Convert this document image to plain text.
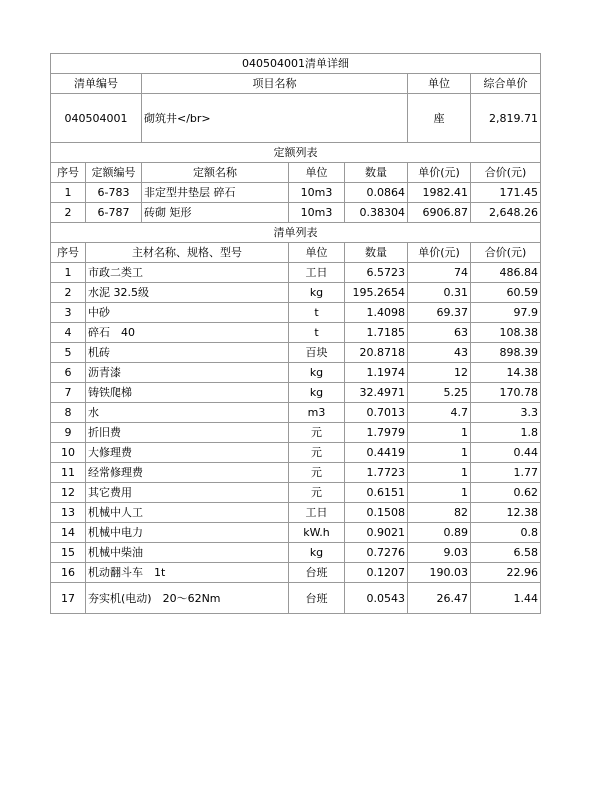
040504001清单详细						
清单编号		项目名称			单位	综合单价
040504001		砌筑井</br>			座	2,819.71
定额列表						
序号	定额编号	定额名称	单位	数量	单价(元)	合价(元)
1	6-783	非定型井垫层 碎石	10m3	0.0864	1982.41	171.45
2	6-787	砖砌 矩形	10m3	0.38304	6906.87	2,648.26
清单列表						
序号	主材名称、规格、型号		单位	数量	单价(元)	合价(元)
1	市政二类工		工日	6.5723	74	486.84
2	水泥 32.5级		kg	195.2654	0.31	60.59
3	中砂		t	1.4098	69.37	97.9
4	碎石　40		t	1.7185	63	108.38
5	机砖		百块	20.8718	43	898.39
6	沥青漆		kg	1.1974	12	14.38
7	铸铁爬梯		kg	32.4971	5.25	170.78
8	水		m3	0.7013	4.7	3.3
9	折旧费		元	1.7979	1	1.8
10	大修理费		元	0.4419	1	0.44
11	经常修理费		元	1.7723	1	1.77
12	其它费用		元	0.6151	1	0.62
13	机械中人工		工日	0.1508	82	12.38
14	机械中电力		kW.h	0.9021	0.89	0.8
15	机械中柴油		kg	0.7276	9.03	6.58
16	机动翻斗车　1t		台班	0.1207	190.03	22.96
17	夯实机(电动)　20～62Nm		台班	0.0543	26.47	1.44
